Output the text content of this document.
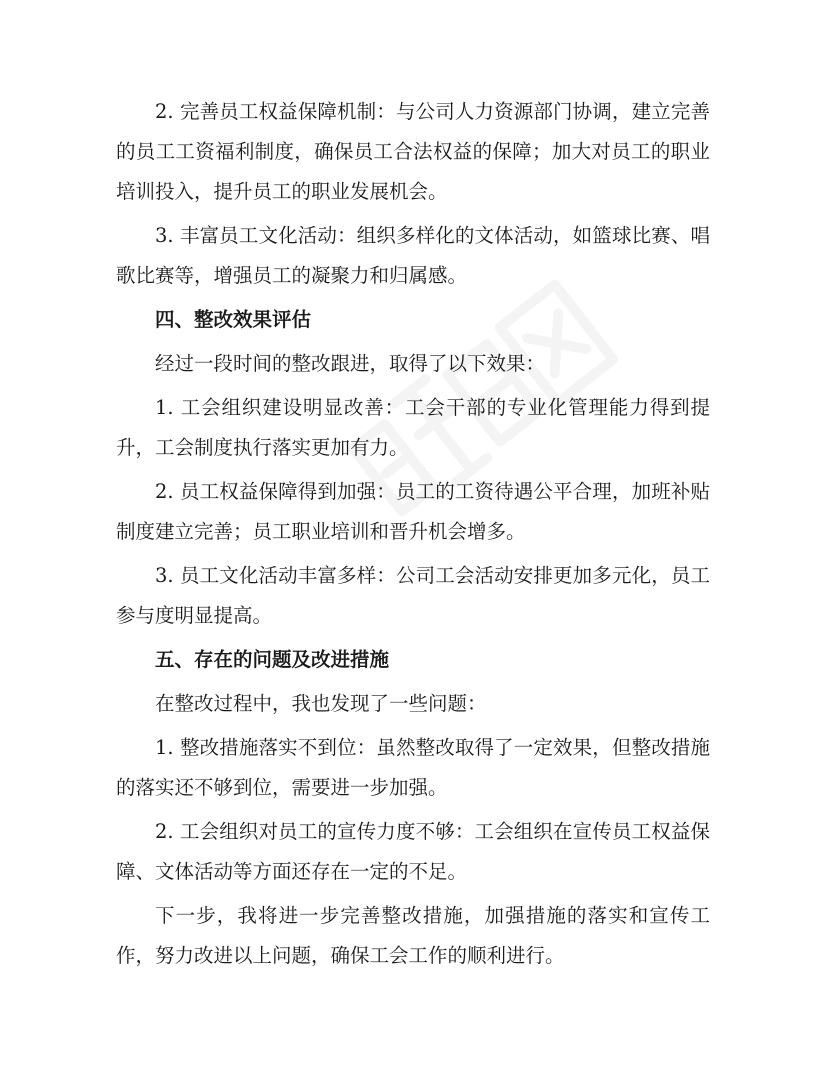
2. 完善员工权益保障机制：与公司人力资源部门协调，建立完善的员工工资福利制度，确保员工合法权益的保障；加大对员工的职业培训投入，提升员工的职业发展机会。

3. 丰富员工文化活动：组织多样化的文体活动，如篮球比赛、唱歌比赛等，增强员工的凝聚力和归属感。

四、整改效果评估

经过一段时间的整改跟进，取得了以下效果：

1. 工会组织建设明显改善：工会干部的专业化管理能力得到提升，工会制度执行落实更加有力。

2. 员工权益保障得到加强：员工的工资待遇公平合理，加班补贴制度建立完善；员工职业培训和晋升机会增多。

3. 员工文化活动丰富多样：公司工会活动安排更加多元化，员工参与度明显提高。

五、存在的问题及改进措施

在整改过程中，我也发现了一些问题：

1. 整改措施落实不到位：虽然整改取得了一定效果，但整改措施的落实还不够到位，需要进一步加强。

2. 工会组织对员工的宣传力度不够：工会组织在宣传员工权益保障、文体活动等方面还存在一定的不足。

下一步，我将进一步完善整改措施，加强措施的落实和宣传工作，努力改进以上问题，确保工会工作的顺利进行。
